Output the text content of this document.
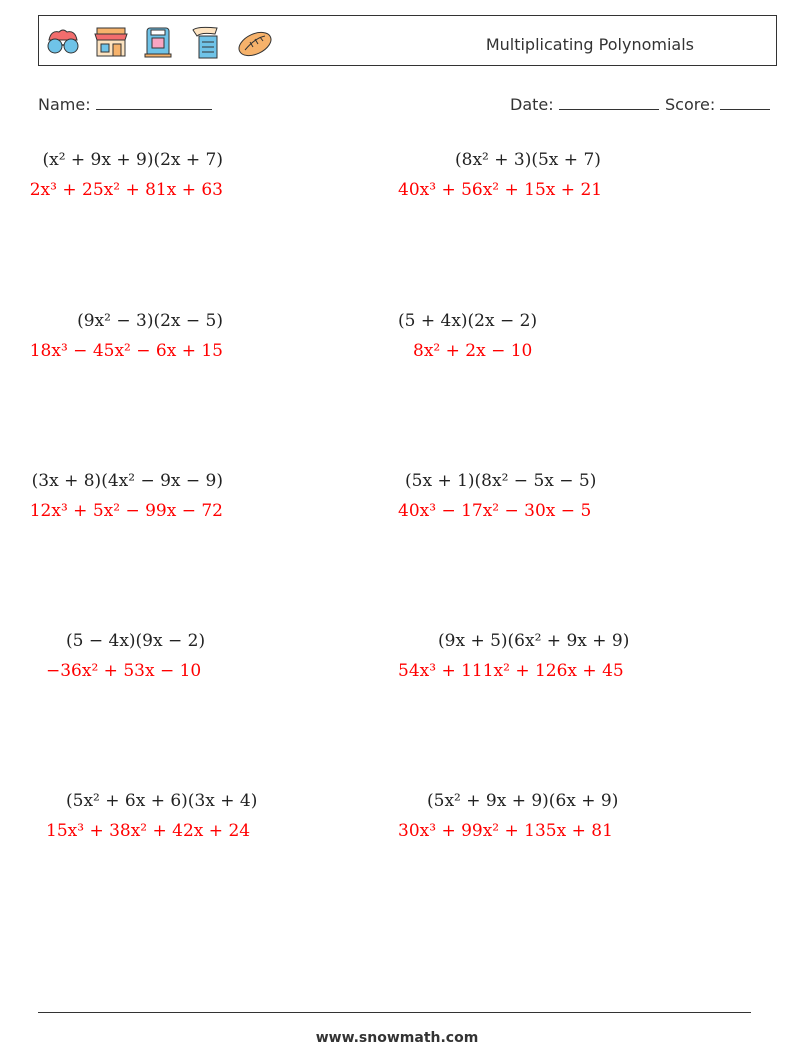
Multiplicating Polynomials
Name:	Date:	Score:
(x² + 9x + 9)(2x + 7)
2x³ + 25x² + 81x + 63
(8x² + 3)(5x + 7)
40x³ + 56x² + 15x + 21
(9x² − 3)(2x − 5)
18x³ − 45x² − 6x + 15
(5 + 4x)(2x − 2)
8x² + 2x − 10
(3x + 8)(4x² − 9x − 9)
12x³ + 5x² − 99x − 72
(5x + 1)(8x² − 5x − 5)
40x³ − 17x² − 30x − 5
(5 − 4x)(9x − 2)
−36x² + 53x − 10
(9x + 5)(6x² + 9x + 9)
54x³ + 111x² + 126x + 45
(5x² + 6x + 6)(3x + 4)
15x³ + 38x² + 42x + 24
(5x² + 9x + 9)(6x + 9)
30x³ + 99x² + 135x + 81
www.snowmath.com
